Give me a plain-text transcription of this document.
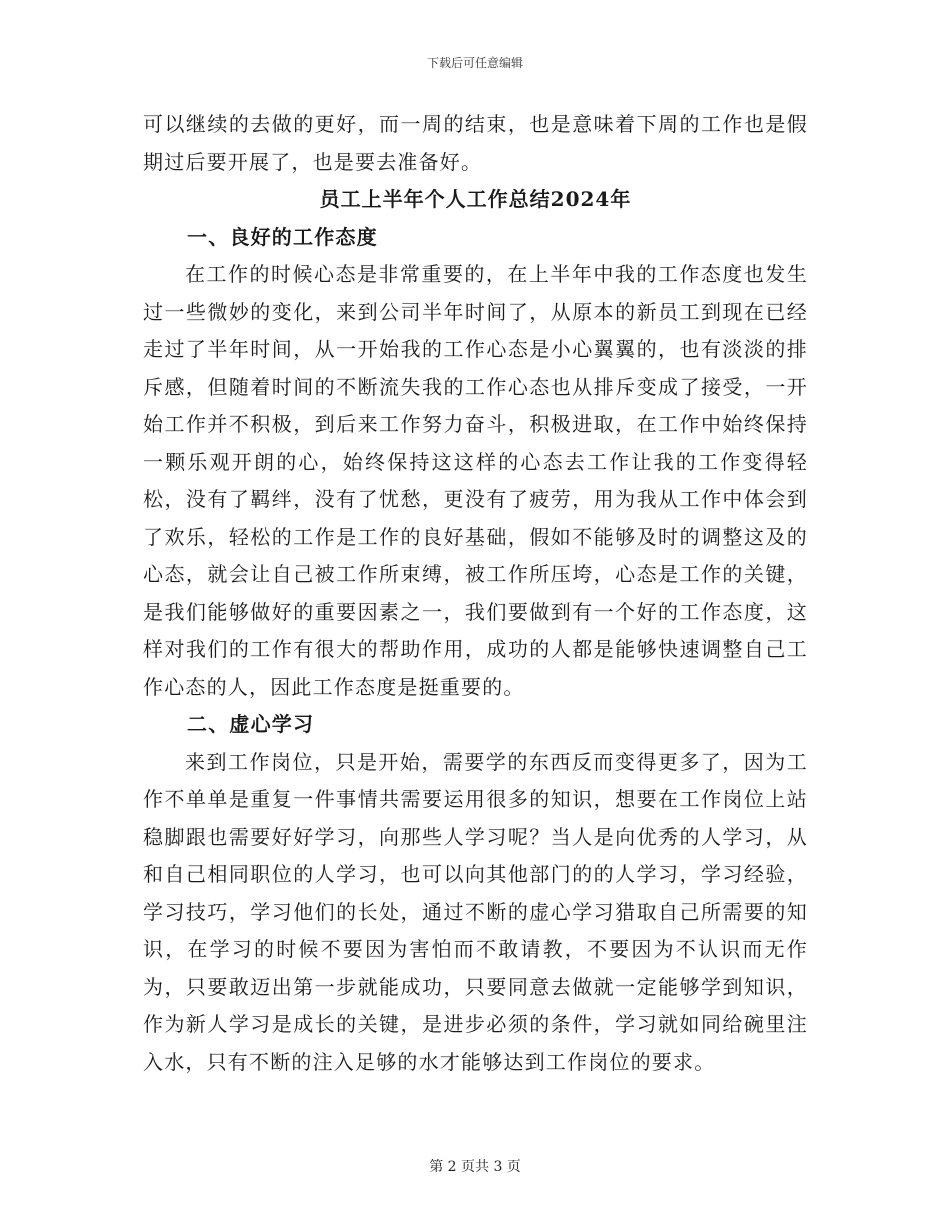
下载后可任意编辑

可以继续的去做的更好，而一周的结束，也是意味着下周的工作也是假期过后要开展了，也是要去准备好。

员工上半年个人工作总结2024年

一、良好的工作态度

在工作的时候心态是非常重要的，在上半年中我的工作态度也发生过一些微妙的变化，来到公司半年时间了，从原本的新员工到现在已经走过了半年时间，从一开始我的工作心态是小心翼翼的，也有淡淡的排斥感，但随着时间的不断流失我的工作心态也从排斥变成了接受，一开始工作并不积极，到后来工作努力奋斗，积极进取，在工作中始终保持一颗乐观开朗的心，始终保持这这样的心态去工作让我的工作变得轻松，没有了羁绊，没有了忧愁，更没有了疲劳，用为我从工作中体会到了欢乐，轻松的工作是工作的良好基础，假如不能够及时的调整这及的心态，就会让自己被工作所束缚，被工作所压垮，心态是工作的关键，是我们能够做好的重要因素之一，我们要做到有一个好的工作态度，这样对我们的工作有很大的帮助作用，成功的人都是能够快速调整自己工作心态的人，因此工作态度是挺重要的。

二、虚心学习

来到工作岗位，只是开始，需要学的东西反而变得更多了，因为工作不单单是重复一件事情共需要运用很多的知识，想要在工作岗位上站稳脚跟也需要好好学习，向那些人学习呢？当人是向优秀的人学习，从和自己相同职位的人学习，也可以向其他部门的的人学习，学习经验，学习技巧，学习他们的长处，通过不断的虚心学习猎取自己所需要的知识，在学习的时候不要因为害怕而不敢请教，不要因为不认识而无作为，只要敢迈出第一步就能成功，只要同意去做就一定能够学到知识，作为新人学习是成长的关键，是进步必须的条件，学习就如同给碗里注入水，只有不断的注入足够的水才能够达到工作岗位的要求。

第 2 页共 3 页
